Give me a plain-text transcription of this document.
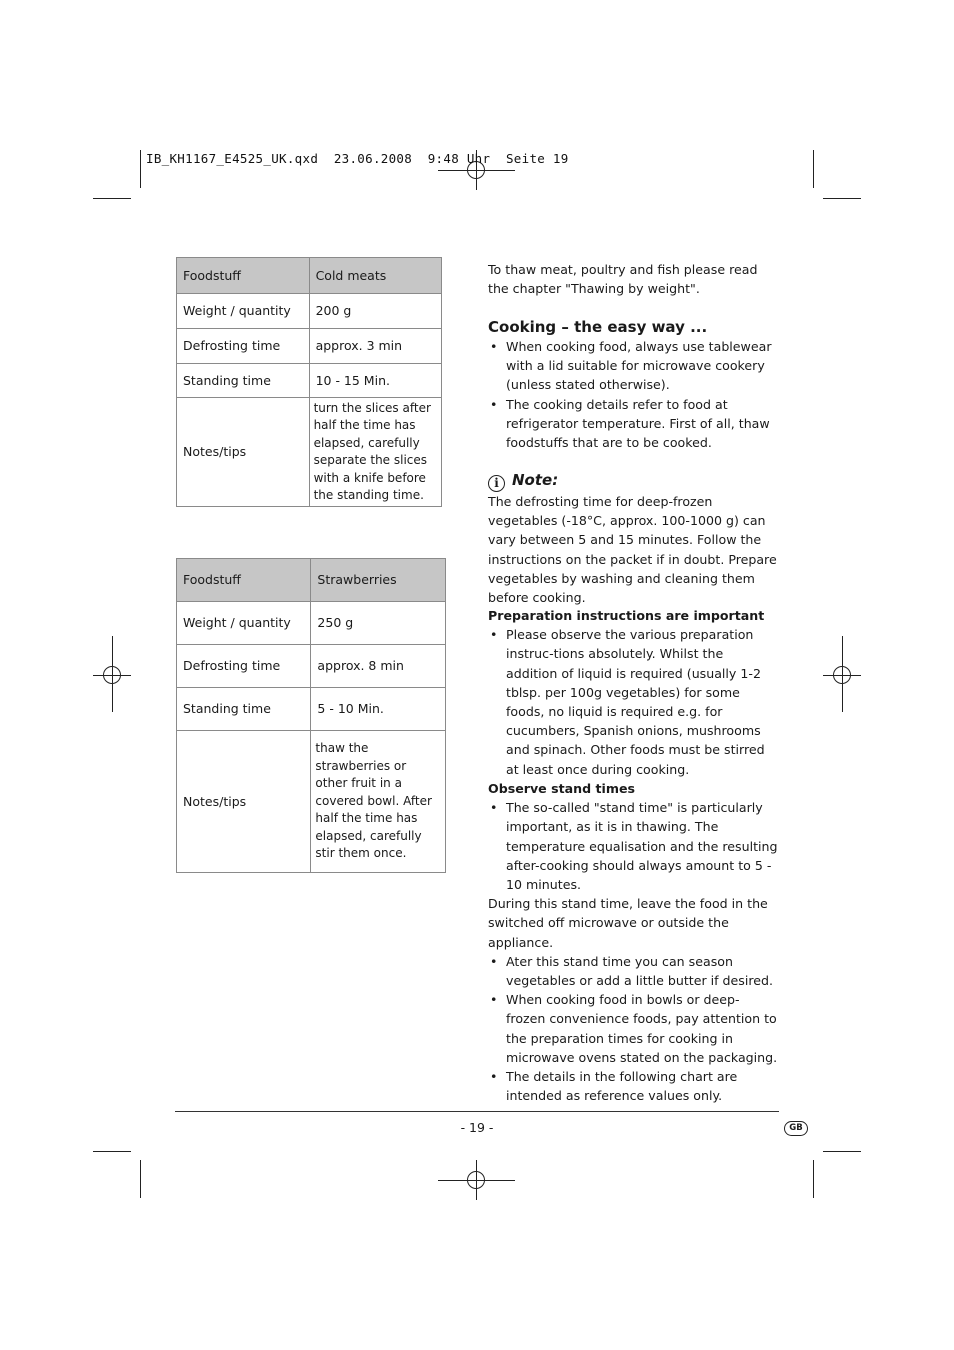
IB_KH1167_E4525_UK.qxd  23.06.2008  9:48 Uhr  Seite 19
Foodstuff	Cold meats
Weight / quantity	200 g
Defrosting time	approx. 3 min
Standing time	10 - 15 Min.
Notes/tips	turn the slices after half the time has elapsed, carefully separate the slices with a knife before the standing time.
Foodstuff	Strawberries
Weight / quantity	250 g
Defrosting time	approx. 8 min
Standing time	5 - 10 Min.
Notes/tips	thaw the strawberries or other fruit in a covered bowl. After half the time has elapsed, carefully stir them once.

To thaw meat, poultry and fish please read the chapter "Thawing by weight".

Cooking – the easy way ...

• When cooking food, always use tablewear with a lid suitable for microwave cookery (unless stated otherwise).
• The cooking details refer to food at refrigerator temperature. First of all, thaw foodstuffs that are to be cooked.

i Note:

The defrosting time for deep-frozen vegetables (-18°C, approx. 100-1000 g) can vary between 5 and 15 minutes. Follow the instructions on the packet if in doubt. Prepare vegetables by washing and cleaning them before cooking.

Preparation instructions are important

• Please observe the various preparation instruc-tions absolutely. Whilst the addition of liquid is required (usually 1-2 tblsp. per 100g vegetables) for some foods, no liquid is required e.g. for cucumbers, Spanish onions, mushrooms and spinach. Other foods must be stirred at least once during cooking.

Observe stand times

• The so-called "stand time" is particularly important, as it is in thawing. The temperature equalisation and the resulting after-cooking should always amount to 5 - 10 minutes.

During this stand time, leave the food in the switched off microwave or outside the appliance.

• Ater this stand time you can season vegetables or add a little butter if desired.
• When cooking food in bowls or deep-frozen convenience foods, pay attention to the preparation times for cooking in microwave ovens stated on the packaging.
• The details in the following chart are intended as reference values only.
- 19 -	GB
